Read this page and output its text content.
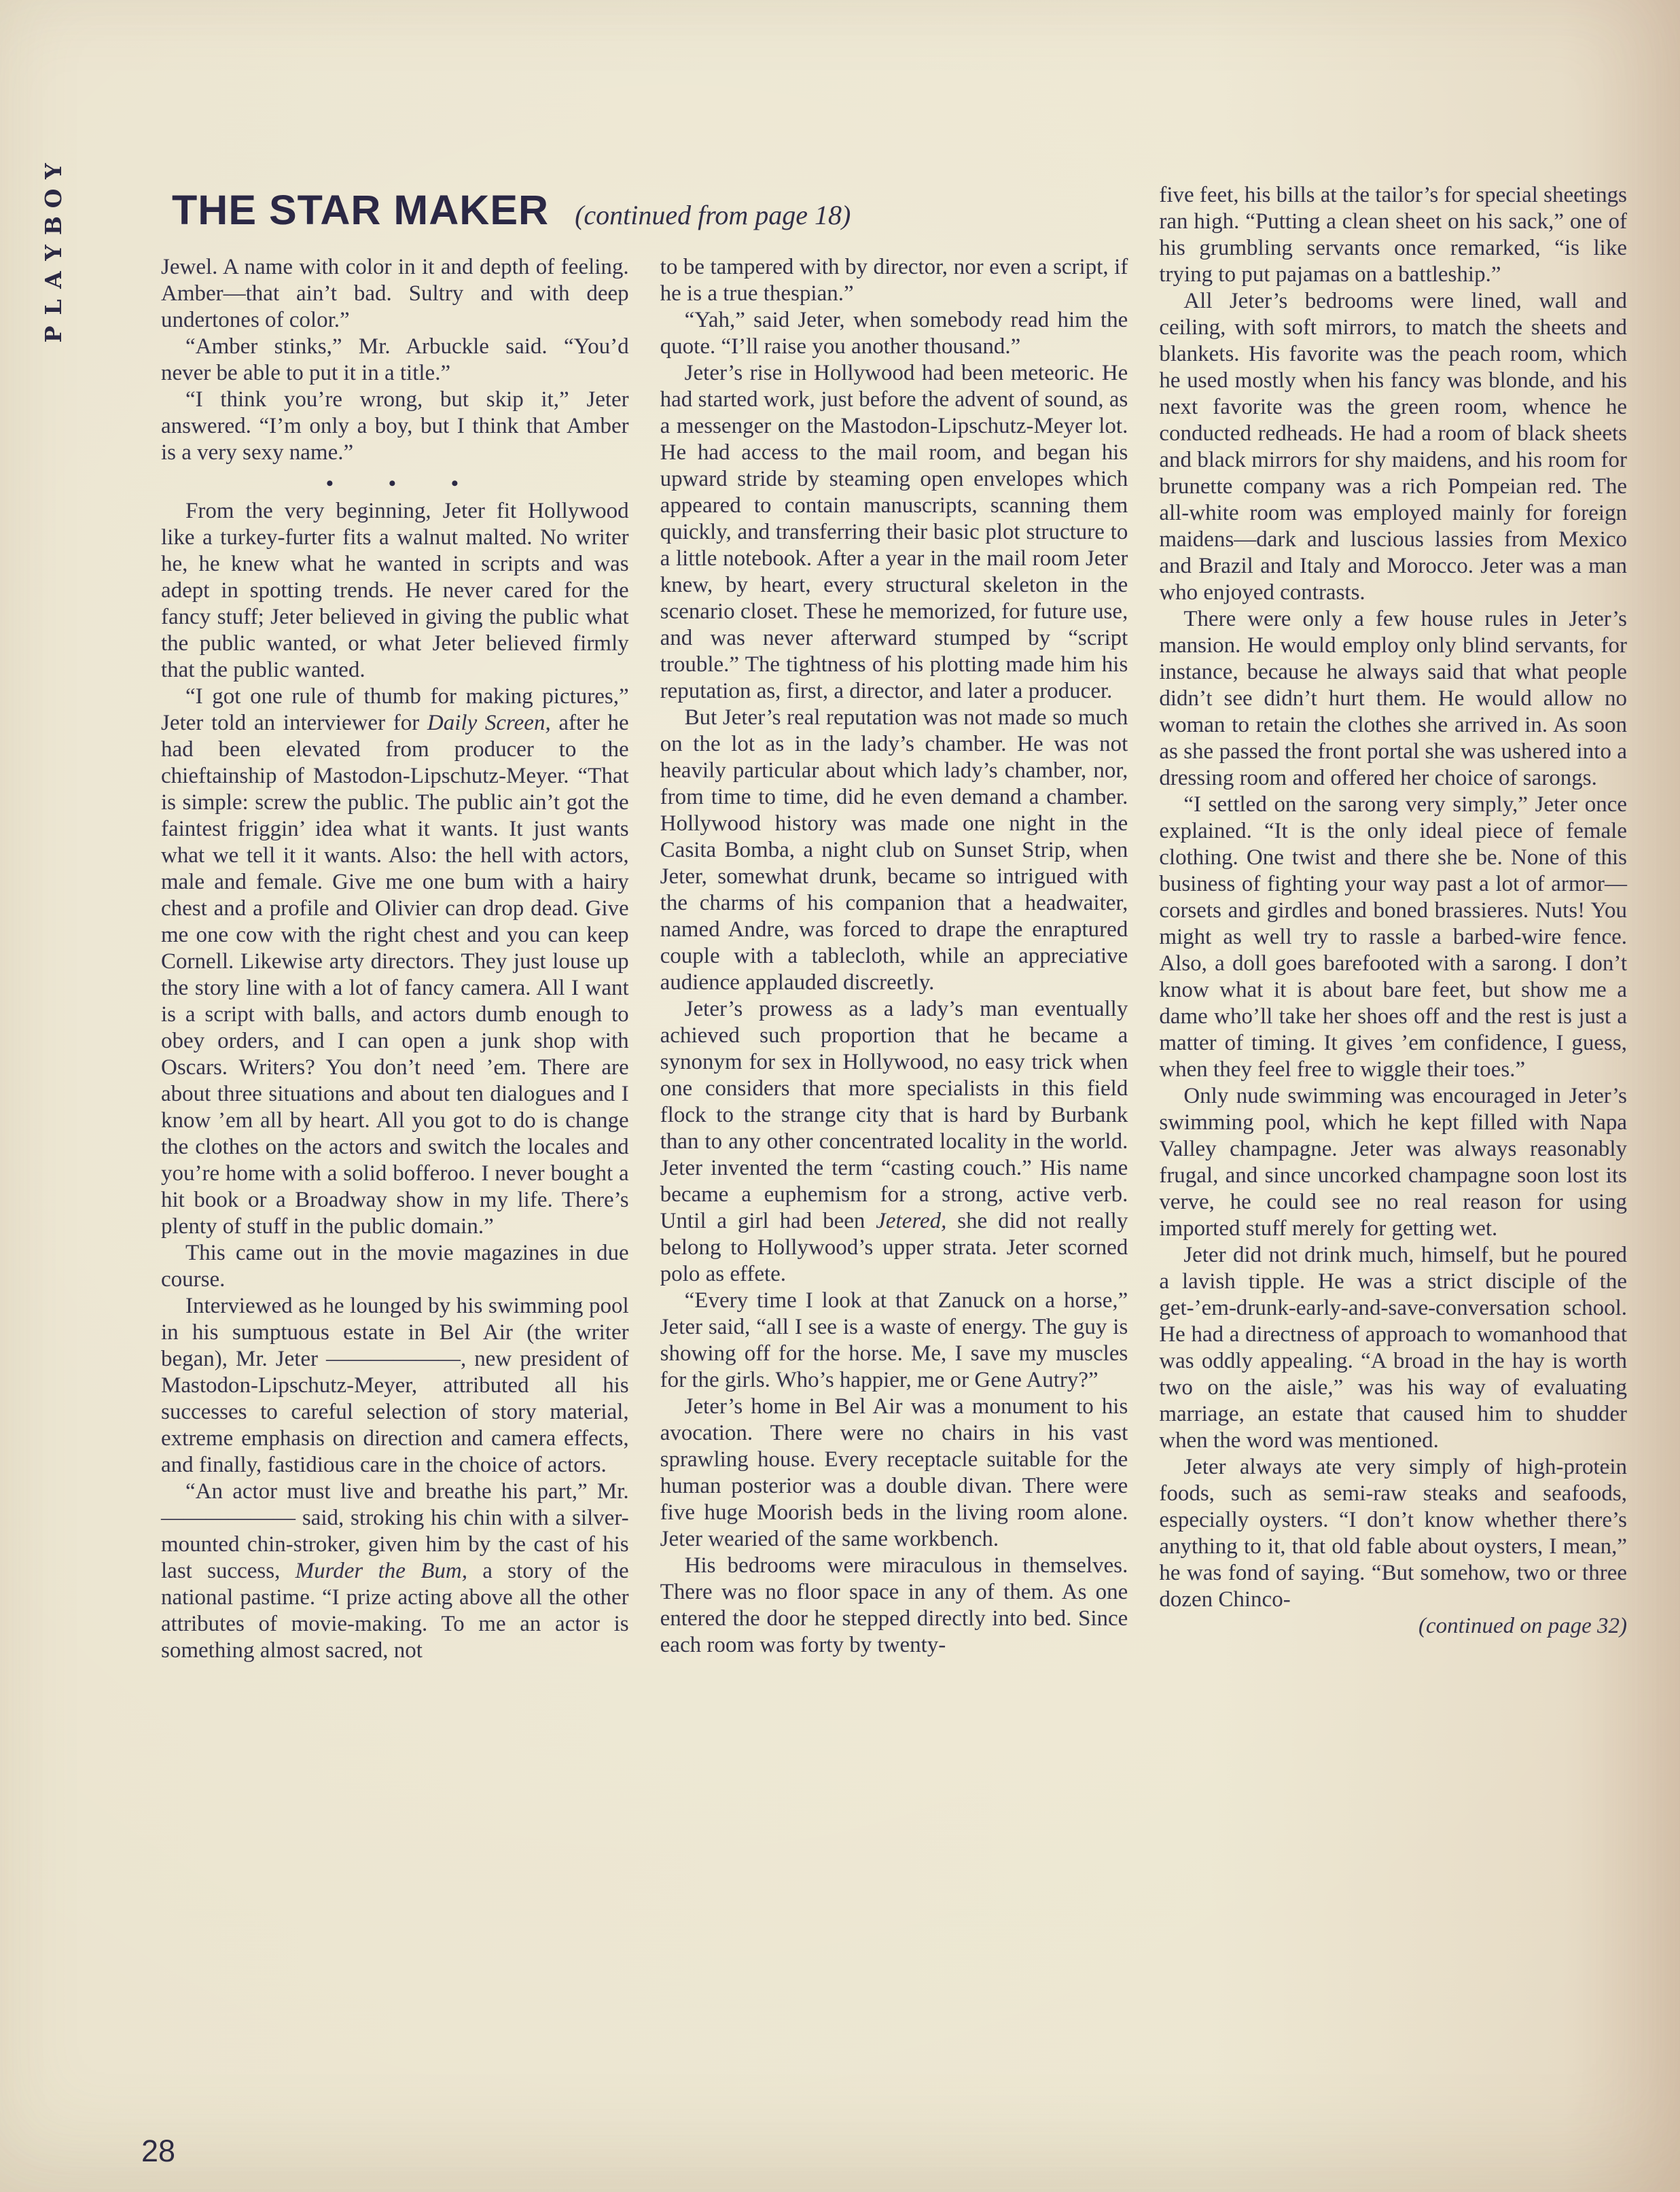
Y
O
B
Y
A
L
P
THE STAR MAKER (continued from page 18)

Jewel. A name with color in it and depth of feeling. Amber—that ain’t bad. Sultry and with deep undertones of color.”

“Amber stinks,” Mr. Arbuckle said. “You’d never be able to put it in a title.”

“I think you’re wrong, but skip it,” Jeter answered. “I’m only a boy, but I think that Amber is a very sexy name.”

• • •

From the very beginning, Jeter fit Hollywood like a turkey-furter fits a walnut malted. No writer he, he knew what he wanted in scripts and was adept in spotting trends. He never cared for the fancy stuff; Jeter believed in giving the public what the public wanted, or what Jeter believed firmly that the public wanted.

“I got one rule of thumb for making pictures,” Jeter told an interviewer for Daily Screen, after he had been elevated from producer to the chieftainship of Mastodon-Lipschutz-Meyer. “That is simple: screw the public. The public ain’t got the faintest friggin’ idea what it wants. It just wants what we tell it it wants. Also: the hell with actors, male and female. Give me one bum with a hairy chest and a profile and Olivier can drop dead. Give me one cow with the right chest and you can keep Cornell. Likewise arty directors. They just louse up the story line with a lot of fancy camera. All I want is a script with balls, and actors dumb enough to obey orders, and I can open a junk shop with Oscars. Writers? You don’t need ’em. There are about three situations and about ten dialogues and I know ’em all by heart. All you got to do is change the clothes on the actors and switch the locales and you’re home with a solid bofferoo. I never bought a hit book or a Broadway show in my life. There’s plenty of stuff in the public domain.”

This came out in the movie magazines in due course.

Interviewed as he lounged by his swimming pool in his sumptuous estate in Bel Air (the writer began), Mr. Jeter ——————, new president of Mastodon-Lipschutz-Meyer, attributed all his successes to careful selection of story material, extreme emphasis on direction and camera effects, and finally, fastidious care in the choice of actors.

“An actor must live and breathe his part,” Mr. —————— said, stroking his chin with a silver-mounted chin-stroker, given him by the cast of his last success, Murder the Bum, a story of the national pastime. “I prize acting above all the other attributes of movie-making. To me an actor is something almost sacred, not

to be tampered with by director, nor even a script, if he is a true thespian.”

“Yah,” said Jeter, when somebody read him the quote. “I’ll raise you another thousand.”

Jeter’s rise in Hollywood had been meteoric. He had started work, just before the advent of sound, as a messenger on the Mastodon-Lipschutz-Meyer lot. He had access to the mail room, and began his upward stride by steaming open envelopes which appeared to contain manuscripts, scanning them quickly, and transferring their basic plot structure to a little notebook. After a year in the mail room Jeter knew, by heart, every structural skeleton in the scenario closet. These he memorized, for future use, and was never afterward stumped by “script trouble.” The tightness of his plotting made him his reputation as, first, a director, and later a producer.

But Jeter’s real reputation was not made so much on the lot as in the lady’s chamber. He was not heavily particular about which lady’s chamber, nor, from time to time, did he even demand a chamber. Hollywood history was made one night in the Casita Bomba, a night club on Sunset Strip, when Jeter, somewhat drunk, became so intrigued with the charms of his companion that a headwaiter, named Andre, was forced to drape the enraptured couple with a tablecloth, while an appreciative audience applauded discreetly.

Jeter’s prowess as a lady’s man eventually achieved such proportion that he became a synonym for sex in Hollywood, no easy trick when one considers that more specialists in this field flock to the strange city that is hard by Burbank than to any other concentrated locality in the world. Jeter invented the term “casting couch.” His name became a euphemism for a strong, active verb. Until a girl had been Jetered, she did not really belong to Hollywood’s upper strata. Jeter scorned polo as effete.

“Every time I look at that Zanuck on a horse,” Jeter said, “all I see is a waste of energy. The guy is showing off for the horse. Me, I save my muscles for the girls. Who’s happier, me or Gene Autry?”

Jeter’s home in Bel Air was a monument to his avocation. There were no chairs in his vast sprawling house. Every receptacle suitable for the human posterior was a double divan. There were five huge Moorish beds in the living room alone. Jeter wearied of the same workbench.

His bedrooms were miraculous in themselves. There was no floor space in any of them. As one entered the door he stepped directly into bed. Since each room was forty by twenty-

five feet, his bills at the tailor’s for special sheetings ran high. “Putting a clean sheet on his sack,” one of his grumbling servants once remarked, “is like trying to put pajamas on a battleship.”

All Jeter’s bedrooms were lined, wall and ceiling, with soft mirrors, to match the sheets and blankets. His favorite was the peach room, which he used mostly when his fancy was blonde, and his next favorite was the green room, whence he conducted redheads. He had a room of black sheets and black mirrors for shy maidens, and his room for brunette company was a rich Pompeian red. The all-white room was employed mainly for foreign maidens—dark and luscious lassies from Mexico and Brazil and Italy and Morocco. Jeter was a man who enjoyed contrasts.

There were only a few house rules in Jeter’s mansion. He would employ only blind servants, for instance, because he always said that what people didn’t see didn’t hurt them. He would allow no woman to retain the clothes she arrived in. As soon as she passed the front portal she was ushered into a dressing room and offered her choice of sarongs.

“I settled on the sarong very simply,” Jeter once explained. “It is the only ideal piece of female clothing. One twist and there she be. None of this business of fighting your way past a lot of armor—corsets and girdles and boned brassieres. Nuts! You might as well try to rassle a barbed-wire fence. Also, a doll goes barefooted with a sarong. I don’t know what it is about bare feet, but show me a dame who’ll take her shoes off and the rest is just a matter of timing. It gives ’em confidence, I guess, when they feel free to wiggle their toes.”

Only nude swimming was encouraged in Jeter’s swimming pool, which he kept filled with Napa Valley champagne. Jeter was always reasonably frugal, and since uncorked champagne soon lost its verve, he could see no real reason for using imported stuff merely for getting wet.

Jeter did not drink much, himself, but he poured a lavish tipple. He was a strict disciple of the get-’em-drunk-early-and-save-conversation school. He had a directness of approach to womanhood that was oddly appealing. “A broad in the hay is worth two on the aisle,” was his way of evaluating marriage, an estate that caused him to shudder when the word was mentioned.

Jeter always ate very simply of high-protein foods, such as semi-raw steaks and seafoods, especially oysters. “I don’t know whether there’s anything to it, that old fable about oysters, I mean,” he was fond of saying. “But somehow, two or three dozen Chinco-

(continued on page 32)

28
